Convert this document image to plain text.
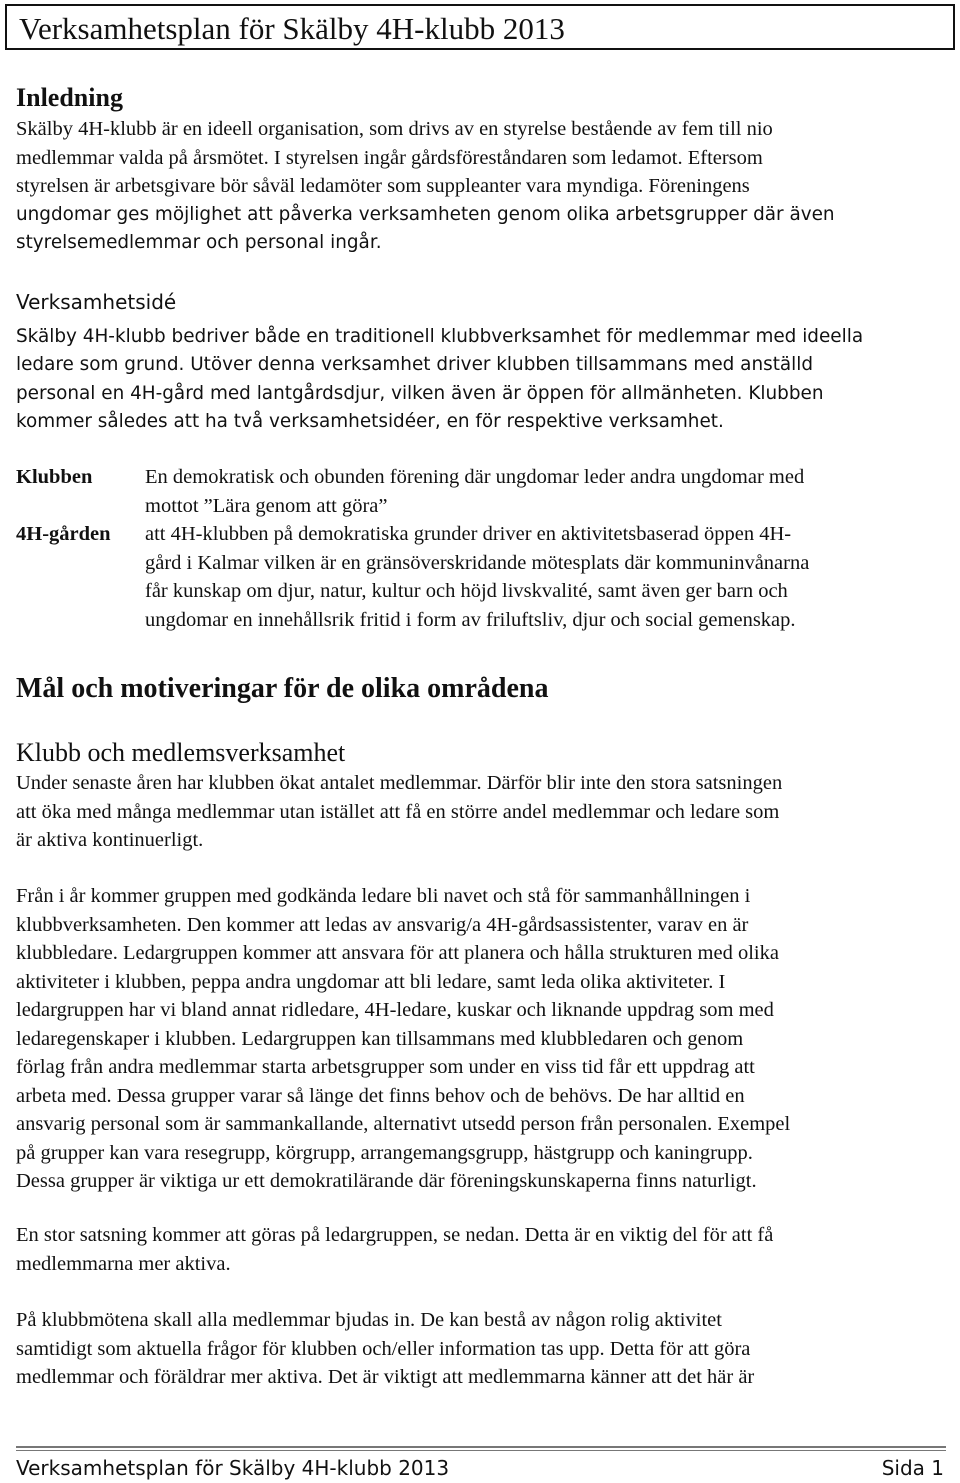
Verksamhetsplan för Skälby 4H-klubb 2013
Inledning
Skälby 4H-klubb är en ideell organisation, som drivs av en styrelse bestående av fem till nio
medlemmar valda på årsmötet. I styrelsen ingår gårdsföreståndaren som ledamot. Eftersom
styrelsen är arbetsgivare bör såväl ledamöter som suppleanter vara myndiga. Föreningens
ungdomar ges möjlighet att påverka verksamheten genom olika arbetsgrupper där även
styrelsemedlemmar och personal ingår.
Verksamhetsidé
Skälby 4H-klubb bedriver både en traditionell klubbverksamhet för medlemmar med ideella
ledare som grund. Utöver denna verksamhet driver klubben tillsammans med anställd
personal en 4H-gård med lantgårdsdjur, vilken även är öppen för allmänheten. Klubben
kommer således att ha två verksamhetsidéer, en för respektive verksamhet.
Klubben	En demokratisk och obunden förening där ungdomar leder andra ungdomar med
mottot ”Lära genom att göra”
4H-gården att 4H-klubben på demokratiska grunder driver en aktivitetsbaserad öppen 4H-
gård i Kalmar vilken är en gränsöverskridande mötesplats där kommuninvånarna
får kunskap om djur, natur, kultur och höjd livskvalité, samt även ger barn och
ungdomar en innehållsrik fritid i form av friluftsliv, djur och social gemenskap.
Mål och motiveringar för de olika områdena
Klubb och medlemsverksamhet
Under senaste åren har klubben ökat antalet medlemmar. Därför blir inte den stora satsningen
att öka med många medlemmar utan istället att få en större andel medlemmar och ledare som
är aktiva kontinuerligt.
Från i år kommer gruppen med godkända ledare bli navet och stå för sammanhållningen i
klubbverksamheten. Den kommer att ledas av ansvarig/a 4H-gårdsassistenter, varav en är
klubbledare. Ledargruppen kommer att ansvara för att planera och hålla strukturen med olika
aktiviteter i klubben, peppa andra ungdomar att bli ledare, samt leda olika aktiviteter. I
ledargruppen har vi bland annat ridledare, 4H-ledare, kuskar och liknande uppdrag som med
ledaregenskaper i klubben. Ledargruppen kan tillsammans med klubbledaren och genom
förlag från andra medlemmar starta arbetsgrupper som under en viss tid får ett uppdrag att
arbeta med. Dessa grupper varar så länge det finns behov och de behövs. De har alltid en
ansvarig personal som är sammankallande, alternativt utsedd person från personalen. Exempel
på grupper kan vara resegrupp, körgrupp, arrangemangsgrupp, hästgrupp och kaningrupp.
Dessa grupper är viktiga ur ett demokratilärande där föreningskunskaperna finns naturligt.
En stor satsning kommer att göras på ledargruppen, se nedan. Detta är en viktig del för att få
medlemmarna mer aktiva.
På klubbmötena skall alla medlemmar bjudas in. De kan bestå av någon rolig aktivitet
samtidigt som aktuella frågor för klubben och/eller information tas upp. Detta för att göra
medlemmar och föräldrar mer aktiva. Det är viktigt att medlemmarna känner att det här är
Verksamhetsplan för Skälby 4H-klubb 2013	Sida 1
